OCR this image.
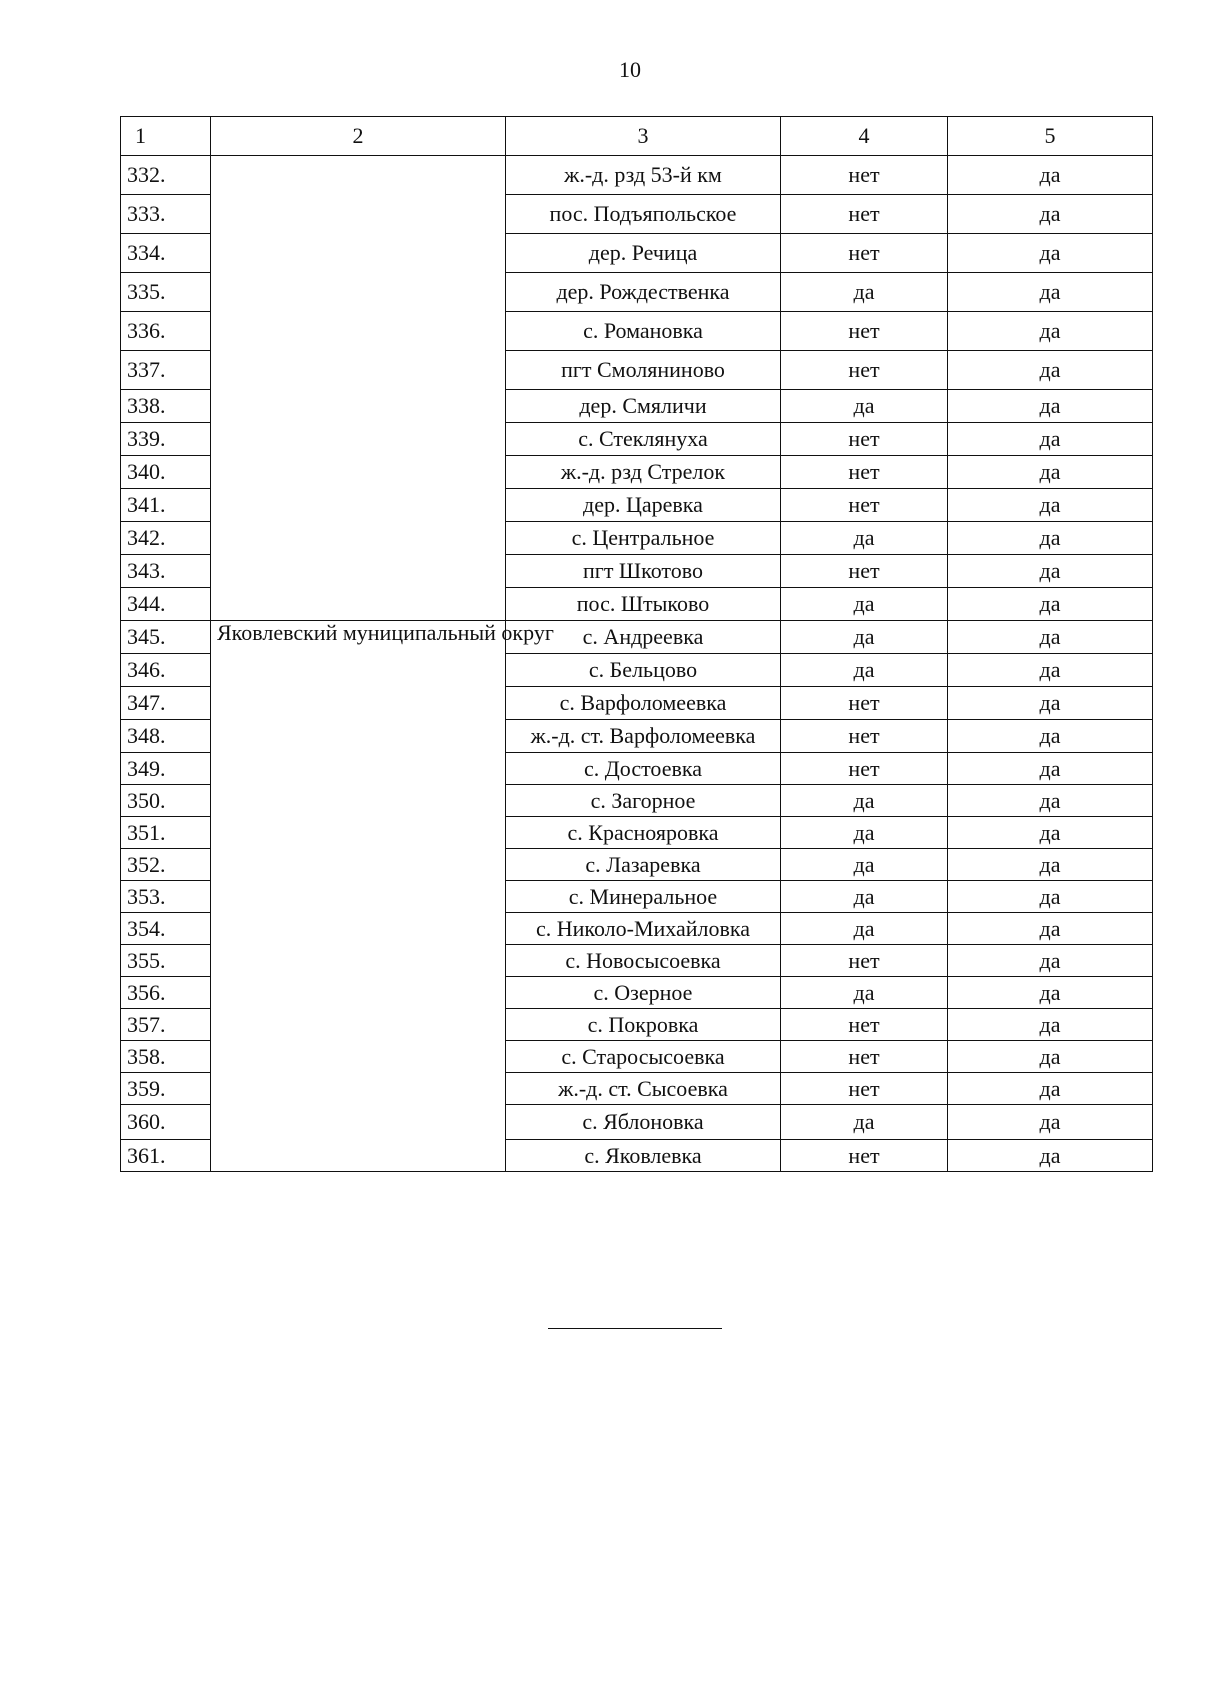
10
1	2	3	4	5
332.		ж.-д. рзд 53-й км	нет	да
333.		пос. Подъяпольское	нет	да
334.		дер. Речица	нет	да
335.		дер. Рождественка	да	да
336.		с. Романовка	нет	да
337.		пгт Смоляниново	нет	да
338.		дер. Смяличи	да	да
339.		с. Стеклянуха	нет	да
340.		ж.-д. рзд Стрелок	нет	да
341.		дер. Царевка	нет	да
342.		с. Центральное	да	да
343.		пгт Шкотово	нет	да
344.		пос. Штыково	да	да
345.	Яковлевский муниципальный округ	с. Андреевка	да	да
346.		с. Бельцово	да	да
347.		с. Варфоломеевка	нет	да
348.		ж.-д. ст. Варфоломеевка	нет	да
349.		с. Достоевка	нет	да
350.		с. Загорное	да	да
351.		с. Краснояровка	да	да
352.		с. Лазаревка	да	да
353.		с. Минеральное	да	да
354.		с. Николо-Михайловка	да	да
355.		с. Новосысоевка	нет	да
356.		с. Озерное	да	да
357.		с. Покровка	нет	да
358.		с. Старосысоевка	нет	да
359.		ж.-д. ст. Сысоевка	нет	да
360.		с. Яблоновка	да	да
361.		с. Яковлевка	нет	да
